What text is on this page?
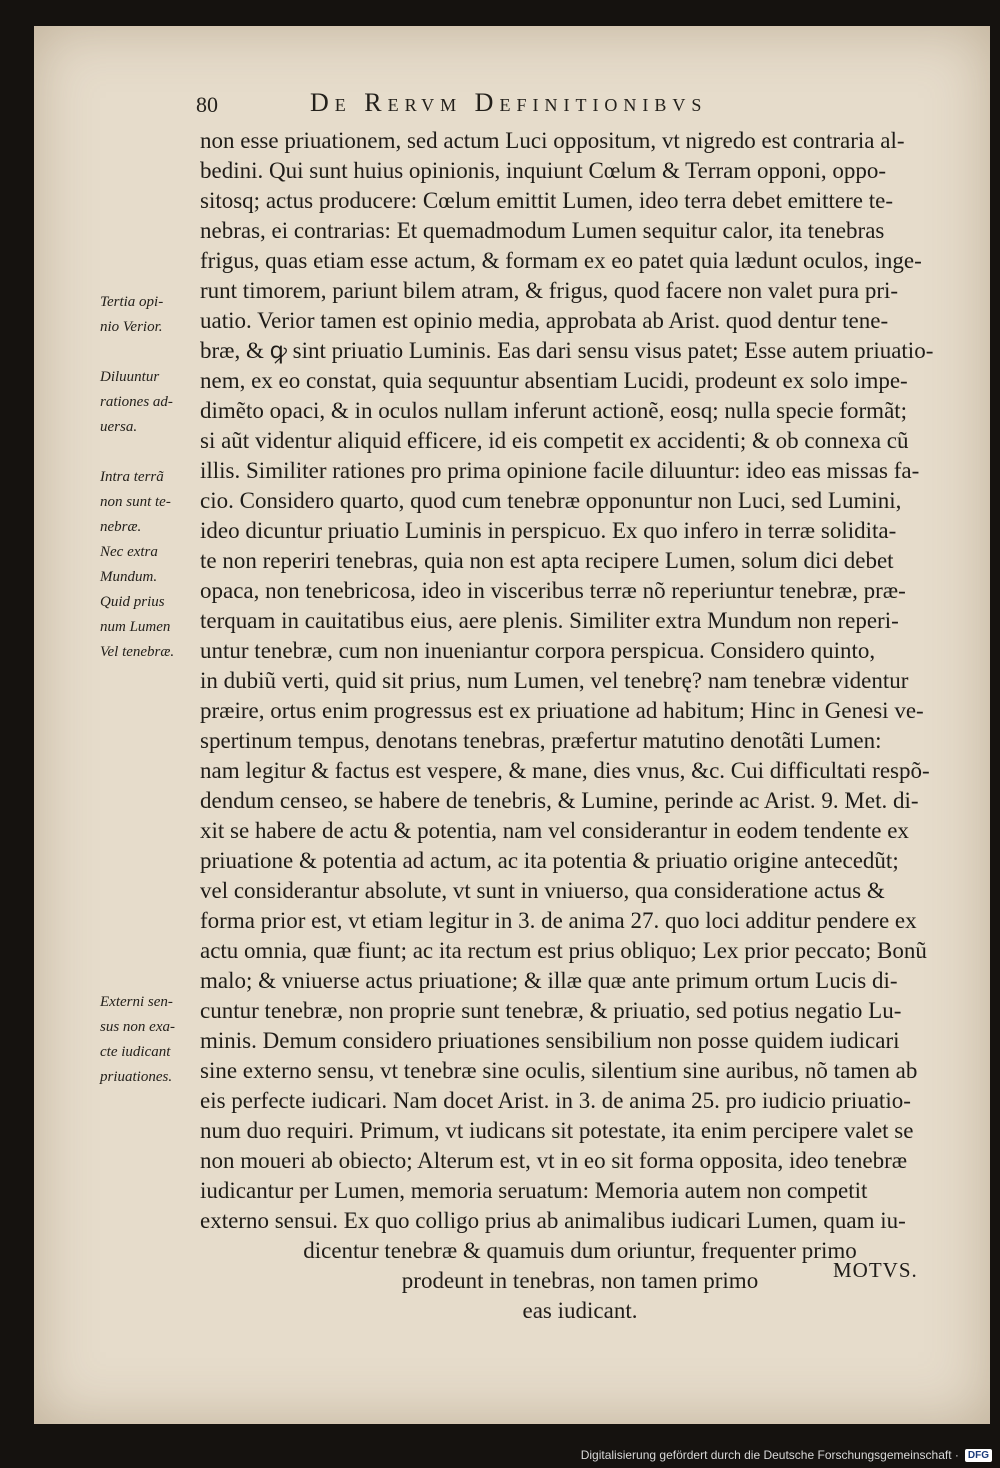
80	De Rervm Definitionibvs
Tertia opi-
nio Verior.
Diluuntur
rationes ad-
uersa.
Intra terrã
non sunt te-
nebræ.
Nec extra
Mundum.
Quid prius
num Lumen
Vel tenebræ.
Externi sen-
sus non exa-
cte iudicant
priuationes.
non esse priuationem, sed actum Luci oppositum, vt nigredo est contraria al-
bedini. Qui sunt huius opinionis, inquiunt Cœlum & Terram opponi, oppo-
sitosq; actus producere: Cœlum emittit Lumen, ideo terra debet emittere te-
nebras, ei contrarias: Et quemadmodum Lumen sequitur calor, ita tenebras
frigus, quas etiam esse actum, & formam ex eo patet quia lædunt oculos, inge-
runt timorem, pariunt bilem atram, & frigus, quod facere non valet pura pri-
uatio. Verior tamen est opinio media, approbata ab Arist. quod dentur tene-
bræ, & ꝙ sint priuatio Luminis. Eas dari sensu visus patet; Esse autem priuatio-
nem, ex eo constat, quia sequuntur absentiam Lucidi, prodeunt ex solo impe-
dimẽto opaci, & in oculos nullam inferunt actionẽ, eosq; nulla specie formãt;
si aũt videntur aliquid efficere, id eis competit ex accidenti; & ob connexa cũ
illis. Similiter rationes pro prima opinione facile diluuntur: ideo eas missas fa-
cio. Considero quarto, quod cum tenebræ opponuntur non Luci, sed Lumini,
ideo dicuntur priuatio Luminis in perspicuo. Ex quo infero in terræ solidita-
te non reperiri tenebras, quia non est apta recipere Lumen, solum dici debet
opaca, non tenebricosa, ideo in visceribus terræ nõ reperiuntur tenebræ, præ-
terquam in cauitatibus eius, aere plenis. Similiter extra Mundum non reperi-
untur tenebræ, cum non inueniantur corpora perspicua. Considero quinto,
in dubiũ verti, quid sit prius, num Lumen, vel tenebrę? nam tenebræ videntur
præire, ortus enim progressus est ex priuatione ad habitum; Hinc in Genesi ve-
spertinum tempus, denotans tenebras, præfertur matutino denotãti Lumen:
nam legitur & factus est vespere, & mane, dies vnus, &c. Cui difficultati respõ-
dendum censeo, se habere de tenebris, & Lumine, perinde ac Arist. 9. Met. di-
xit se habere de actu & potentia, nam vel considerantur in eodem tendente ex
priuatione & potentia ad actum, ac ita potentia & priuatio origine antecedũt;
vel considerantur absolute, vt sunt in vniuerso, qua consideratione actus &
forma prior est, vt etiam legitur in 3. de anima 27. quo loci additur pendere ex
actu omnia, quæ fiunt; ac ita rectum est prius obliquo; Lex prior peccato; Bonũ
malo; & vniuerse actus priuatione; & illæ quæ ante primum ortum Lucis di-
cuntur tenebræ, non proprie sunt tenebræ, & priuatio, sed potius negatio Lu-
minis. Demum considero priuationes sensibilium non posse quidem iudicari
sine externo sensu, vt tenebræ sine oculis, silentium sine auribus, nõ tamen ab
eis perfecte iudicari. Nam docet Arist. in 3. de anima 25. pro iudicio priuatio-
num duo requiri. Primum, vt iudicans sit potestate, ita enim percipere valet se
non moueri ab obiecto; Alterum est, vt in eo sit forma opposita, ideo tenebræ
iudicantur per Lumen, memoria seruatum: Memoria autem non competit
externo sensui. Ex quo colligo prius ab animalibus iudicari Lumen, quam iu-
dicentur tenebræ & quamuis dum oriuntur, frequenter primo
prodeunt in tenebras, non tamen primo
eas iudicant.
MOTVS.
Digitalisierung gefördert durch die Deutsche Forschungsgemeinschaft · DFG
